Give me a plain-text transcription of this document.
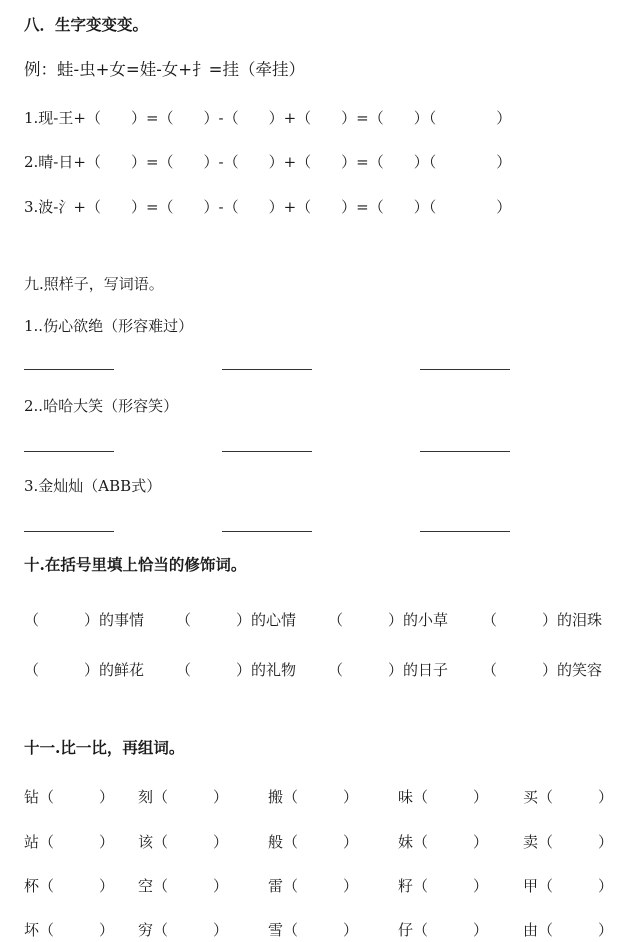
八．生字变变变。
例：蛙-虫+女=娃-女+扌=挂（牵挂）
1.现-王+（　　）=（　　）-（　　）+（　　）=（　　）（　　　　）
2.晴-日+（　　）=（　　）-（　　）+（　　）=（　　）（　　　　）
3.波-氵+（　　）=（　　）-（　　）+（　　）=（　　）（　　　　）
九.照样子，写词语。
1..伤心欲绝（形容难过）
2..哈哈大笑（形容笑）
3.金灿灿（ABB式）
十.在括号里填上恰当的修饰词。
（　　　）的事情 （　　　）的心情 （　　　）的小草 （　　　）的泪珠
（　　　）的鲜花 （　　　）的礼物 （　　　）的日子 （　　　）的笑容
十一.比一比，再组词。
钻（　　　） 刻（　　　）	搬（　　　）	味（　　　） 买（　　　）
站（　　　） 该（　　　）	般（　　　）	妹（　　　） 卖（　　　）
杯（　　　） 空（　　　）	雷（　　　）	籽（　　　） 甲（　　　）
坏（　　　） 穷（　　　）	雪（　　　）	仔（　　　） 由（　　　）
